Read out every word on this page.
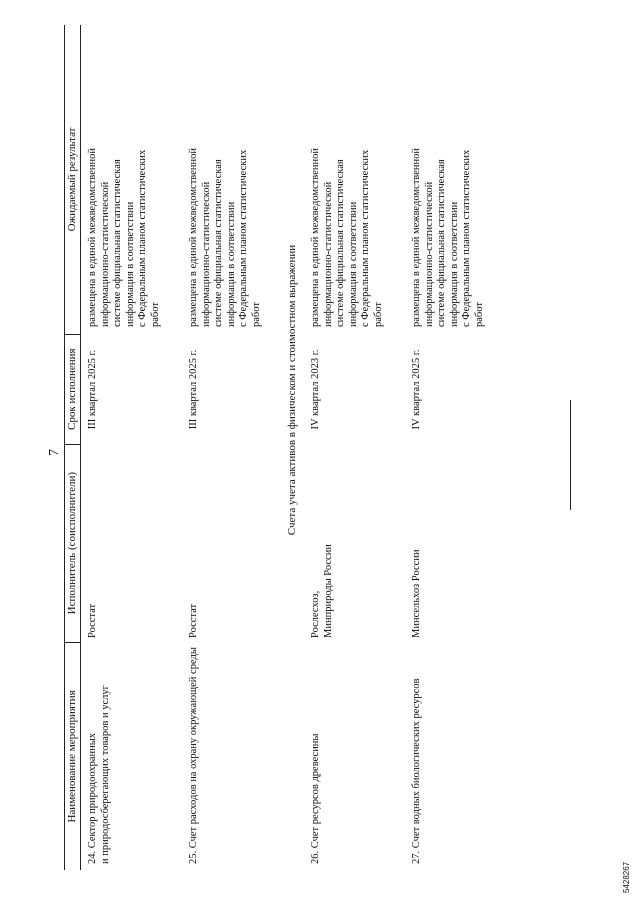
7
Наименование мероприятия
Исполнитель (соисполнители)
Срок исполнения
Ожидаемый результат
24. Сектор природоохранных
и природосберегающих товаров и услуг
Росстат
III квартал 2025 г.
размещена в единой межведомственной
информационно-статистической
системе официальная статистическая
информация в соответствии
с Федеральным планом статистических
работ
25. Счет расходов на охрану окружающей среды
Росстат
III квартал 2025 г.
размещена в единой межведомственной
информационно-статистической
системе официальная статистическая
информация в соответствии
с Федеральным планом статистических
работ	Счета учета активов в физическом и стоимостном выражении
26. Счет ресурсов древесины
Рослесхоз,
Минприроды России
IV квартал 2023 г.
размещена в единой межведомственной
информационно-статистической
системе официальная статистическая
информация в соответствии
с Федеральным планом статистических
работ
27. Счет водных биологических ресурсов
Минсельхоз России
IV квартал 2025 г.
размещена в единой межведомственной
информационно-статистической
системе официальная статистическая
информация в соответствии
с Федеральным планом статистических
работ
5428267
